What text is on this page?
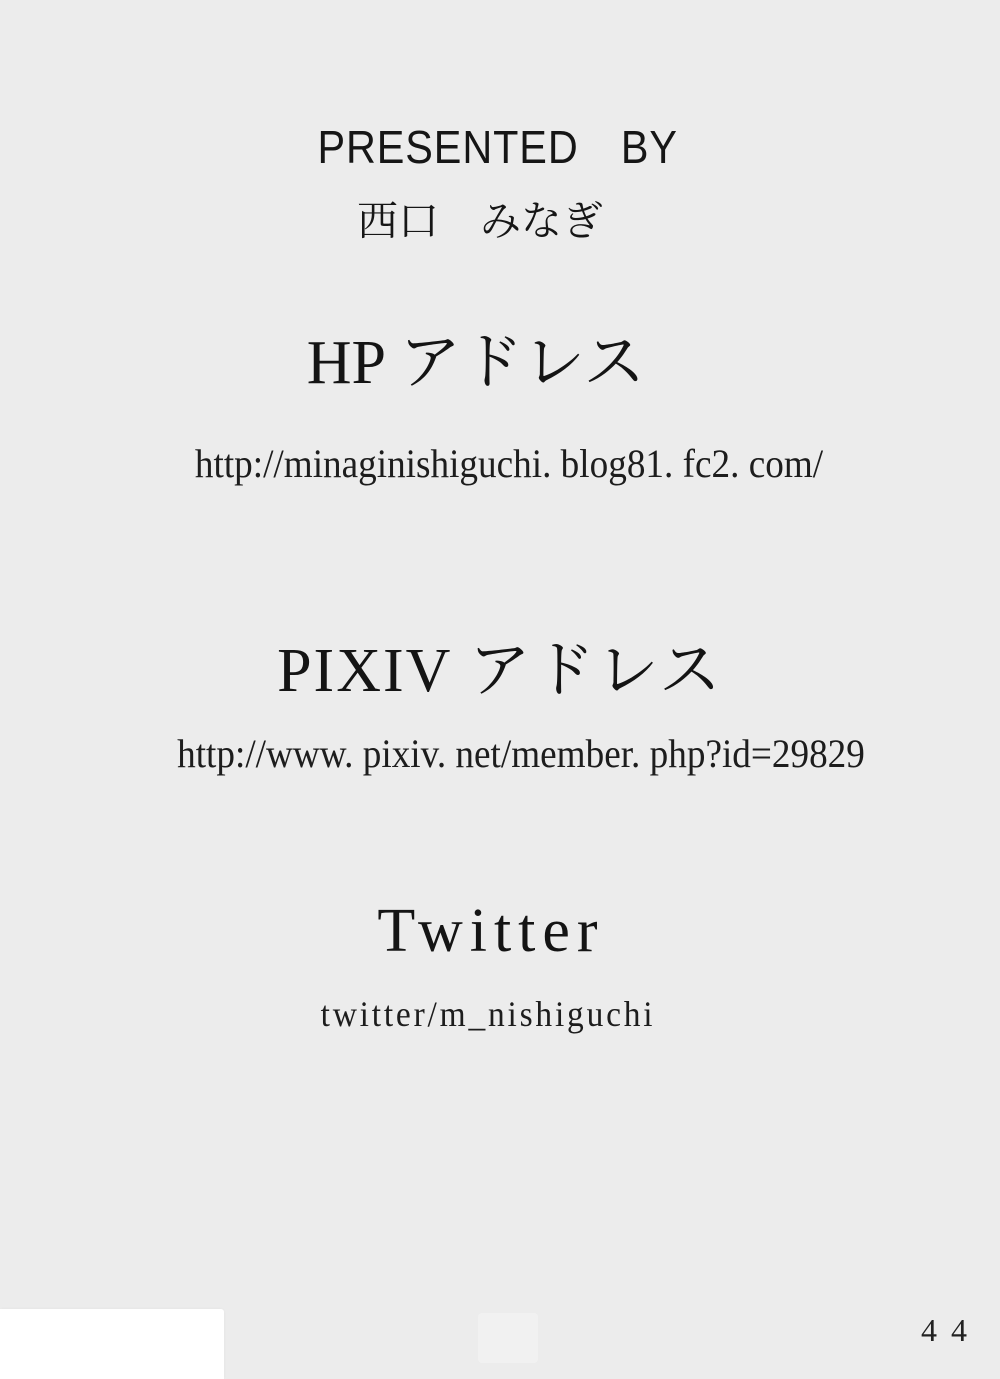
PRESENTED　BY
西口　みなぎ
HP アドレス
http://minaginishiguchi. blog81. fc2. com/
PIXIV アドレス
http://www. pixiv. net/member. php?id=29829
Twitter
twitter/m_nishiguchi
44
